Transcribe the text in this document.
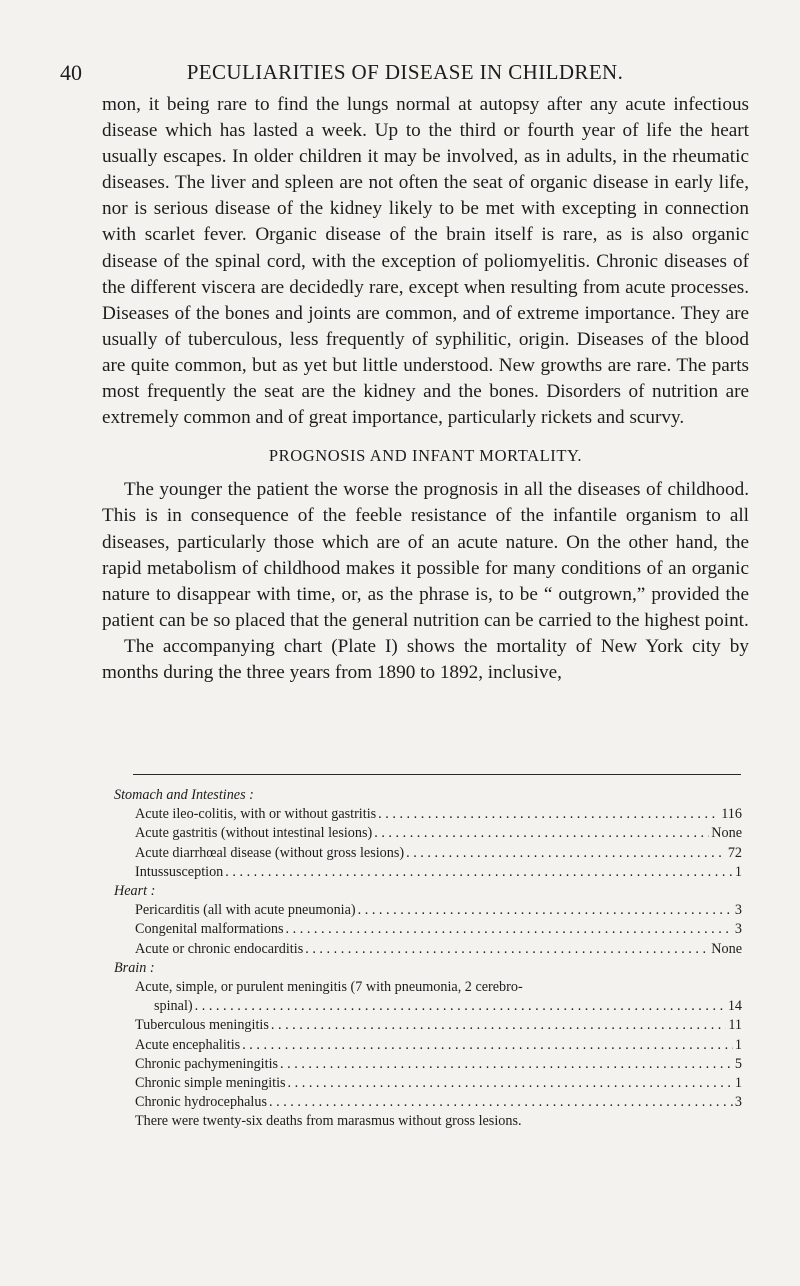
40	PECULIARITIES OF DISEASE IN CHILDREN.

mon, it being rare to find the lungs normal at autopsy after any acute infectious disease which has lasted a week. Up to the third or fourth year of life the heart usually escapes. In older children it may be involved, as in adults, in the rheumatic diseases. The liver and spleen are not often the seat of organic disease in early life, nor is serious disease of the kidney likely to be met with excepting in connection with scarlet fever. Organic disease of the brain itself is rare, as is also organic disease of the spinal cord, with the exception of poliomyelitis. Chronic diseases of the different viscera are decidedly rare, except when resulting from acute processes. Diseases of the bones and joints are common, and of extreme importance. They are usually of tuberculous, less frequently of syphilitic, origin. Diseases of the blood are quite common, but as yet but little understood. New growths are rare. The parts most frequently the seat are the kidney and the bones. Disorders of nutrition are extremely common and of great importance, particularly rickets and scurvy.

PROGNOSIS AND INFANT MORTALITY.

The younger the patient the worse the prognosis in all the diseases of childhood. This is in consequence of the feeble resistance of the infantile organism to all diseases, particularly those which are of an acute nature. On the other hand, the rapid metabolism of childhood makes it possible for many conditions of an organic nature to disappear with time, or, as the phrase is, to be “ outgrown,” provided the patient can be so placed that the general nutrition can be carried to the highest point.

The accompanying chart (Plate I) shows the mortality of New York city by months during the three years from 1890 to 1892, inclusive,

Stomach and Intestines :

Acute ileo-colitis, with or without gastritis . . .	116
Acute gastritis (without intestinal lesions) . . .	None
Acute diarrhœal disease (without gross lesions) . . .	72
Intussusception . . .	1

Heart :

Pericarditis (all with acute pneumonia) . . .	3
Congenital malformations . . .	3
Acute or chronic endocarditis . . .	None

Brain :

Acute, simple, or purulent meningitis (7 with pneumonia, 2 cerebro-

spinal) . . .	14
Tuberculous meningitis . . .	11
Acute encephalitis . . .	1
Chronic pachymeningitis . . .	5
Chronic simple meningitis . . .	1
Chronic hydrocephalus . . .	3

There were twenty-six deaths from marasmus without gross lesions.
